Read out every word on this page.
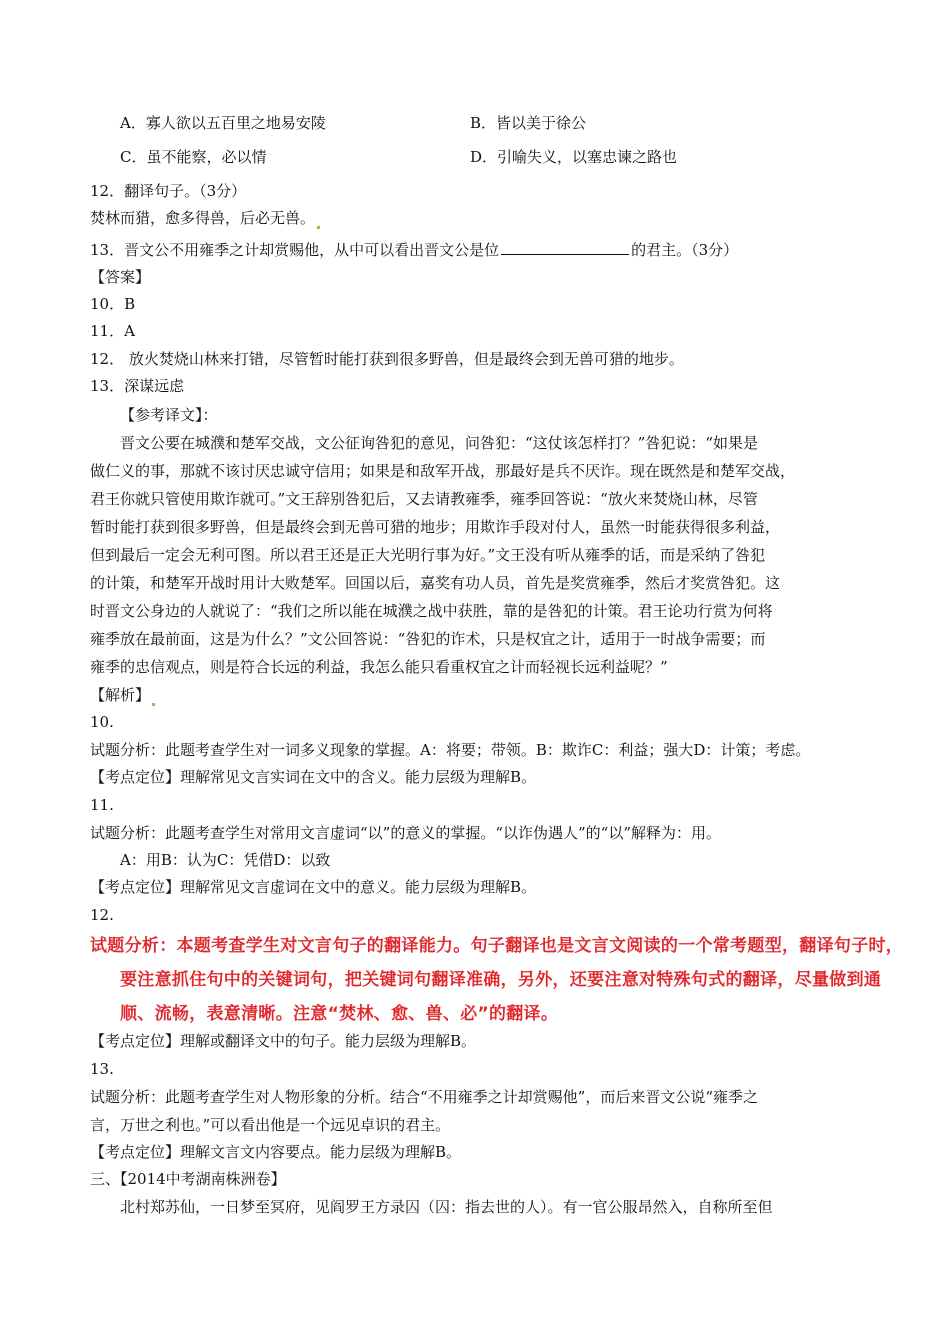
A．寡人欲以五百里之地易安陵	B．皆以美于徐公
C．虽不能察，必以情	D．引喻失义，以塞忠谏之路也
12．翻译句子。（3分）
焚林而猎，愈多得兽，后必无兽。
13．晋文公不用雍季之计却赏赐他，从中可以看出晋文公是位	的君主。（3分）
【答案】
10．B
11．A
12． 放火焚烧山林来打错，尽管暂时能打获到很多野兽，但是最终会到无兽可猎的地步。
13．深谋远虑
【参考译文】：
晋文公要在城濮和楚军交战，文公征询咎犯的意见，问咎犯：“这仗该怎样打？”咎犯说：“如果是
做仁义的事，那就不该讨厌忠诚守信用；如果是和敌军开战，那最好是兵不厌诈。现在既然是和楚军交战，
君王你就只管使用欺诈就可。”文王辞别咎犯后，又去请教雍季，雍季回答说：“放火来焚烧山林，尽管
暂时能打获到很多野兽，但是最终会到无兽可猎的地步；用欺诈手段对付人，虽然一时能获得很多利益，
但到最后一定会无利可图。所以君王还是正大光明行事为好。”文王没有听从雍季的话，而是采纳了咎犯
的计策，和楚军开战时用计大败楚军。回国以后，嘉奖有功人员，首先是奖赏雍季，然后才奖赏咎犯。这
时晋文公身边的人就说了：“我们之所以能在城濮之战中获胜，靠的是咎犯的计策。君王论功行赏为何将
雍季放在最前面，这是为什么？”文公回答说：“咎犯的诈术，只是权宜之计，适用于一时战争需要；而
雍季的忠信观点，则是符合长远的利益，我怎么能只看重权宜之计而轻视长远利益呢？”
【解析】
10.
试题分析：此题考查学生对一词多义现象的掌握。A：将要；带领。B：欺诈C：利益；强大D：计策；考虑。
【考点定位】理解常见文言实词在文中的含义。能力层级为理解B。
11.
试题分析：此题考查学生对常用文言虚词“以”的意义的掌握。“以诈伪遇人”的“以”解释为：用。
A：用B：认为C：凭借D：以致
【考点定位】理解常见文言虚词在文中的意义。能力层级为理解B。
12.
试题分析：本题考查学生对文言句子的翻译能力。句子翻译也是文言文阅读的一个常考题型，翻译句子时，
要注意抓住句中的关键词句，把关键词句翻译准确，另外，还要注意对特殊句式的翻译，尽量做到通
顺、流畅，表意清晰。注意“焚林、愈、兽、必”的翻译。
【考点定位】理解或翻译文中的句子。能力层级为理解B。
13.
试题分析：此题考查学生对人物形象的分析。结合“不用雍季之计却赏赐他”，而后来晋文公说“雍季之
言，万世之利也。”可以看出他是一个远见卓识的君主。
【考点定位】理解文言文内容要点。能力层级为理解B。
三、【2014中考湖南株洲卷】
北村郑苏仙，一日梦至冥府，见阎罗王方录囚（囚：指去世的人）。有一官公服昂然入，自称所至但
